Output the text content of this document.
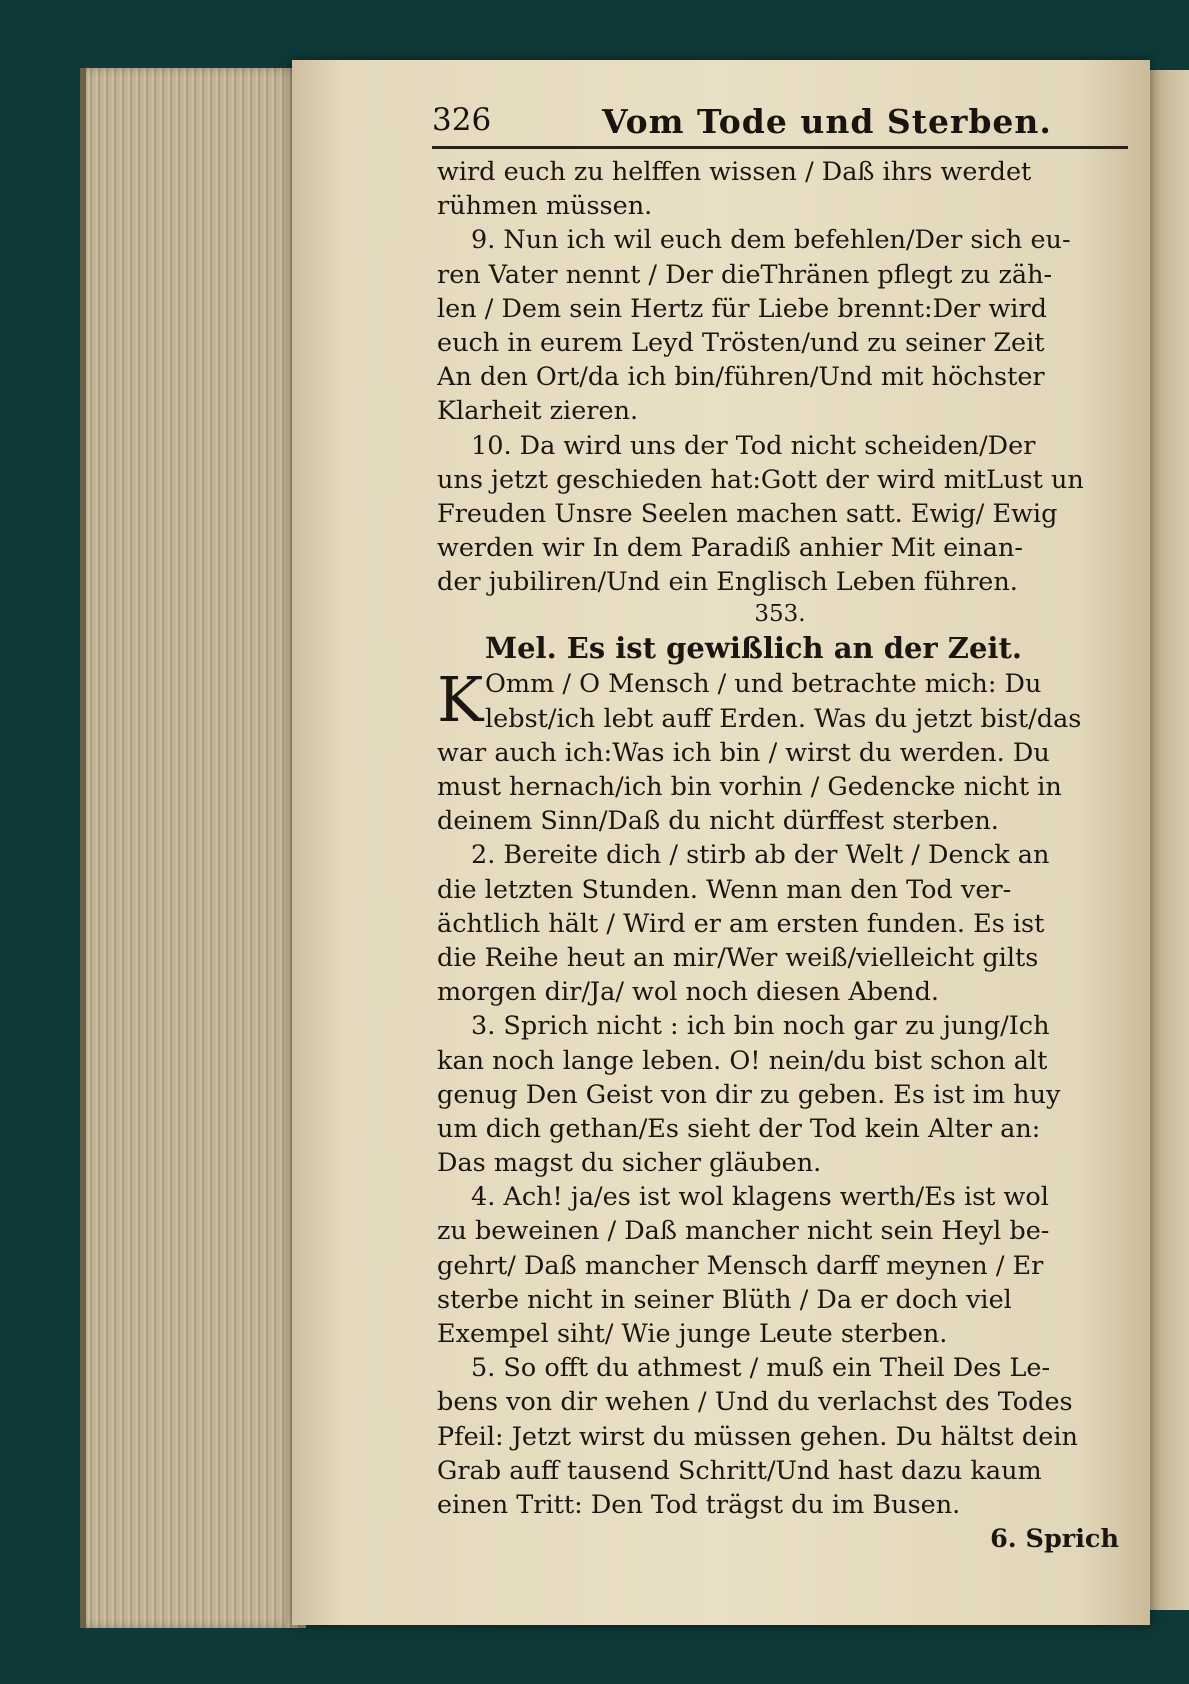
326	Vom Tode und Sterben.
wird euch zu helffen wissen / Daß ihrs werdet
rühmen müssen.
9. Nun ich wil euch dem befehlen/Der sich eu-
ren Vater nennt / Der dieThränen pflegt zu zäh-
len / Dem sein Hertz für Liebe brennt:Der wird
euch in eurem Leyd Trösten/und zu seiner Zeit
An den Ort/da ich bin/führen/Und mit höchster
Klarheit zieren.
10. Da wird uns der Tod nicht scheiden/Der
uns jetzt geschieden hat:Gott der wird mitLust un
Freuden Unsre Seelen machen satt. Ewig/ Ewig
werden wir In dem Paradiß anhier Mit einan-
der jubiliren/Und ein Englisch Leben führen.
353.
Mel. Es ist gewißlich an der Zeit.
K Omm / O Mensch / und betrachte mich: Du
lebst/ich lebt auff Erden. Was du jetzt bist/das
war auch ich:Was ich bin / wirst du werden. Du
must hernach/ich bin vorhin / Gedencke nicht in
deinem Sinn/Daß du nicht dürffest sterben.
2. Bereite dich / stirb ab der Welt / Denck an
die letzten Stunden. Wenn man den Tod ver-
ächtlich hält / Wird er am ersten funden. Es ist
die Reihe heut an mir/Wer weiß/vielleicht gilts
morgen dir/Ja/ wol noch diesen Abend.
3. Sprich nicht : ich bin noch gar zu jung/Ich
kan noch lange leben. O! nein/du bist schon alt
genug Den Geist von dir zu geben. Es ist im huy
um dich gethan/Es sieht der Tod kein Alter an:
Das magst du sicher gläuben.
4. Ach! ja/es ist wol klagens werth/Es ist wol
zu beweinen / Daß mancher nicht sein Heyl be-
gehrt/ Daß mancher Mensch darff meynen / Er
sterbe nicht in seiner Blüth / Da er doch viel
Exempel siht/ Wie junge Leute sterben.
5. So offt du athmest / muß ein Theil Des Le-
bens von dir wehen / Und du verlachst des Todes
Pfeil: Jetzt wirst du müssen gehen. Du hältst dein
Grab auff tausend Schritt/Und hast dazu kaum
einen Tritt: Den Tod trägst du im Busen.
6. Sprich
